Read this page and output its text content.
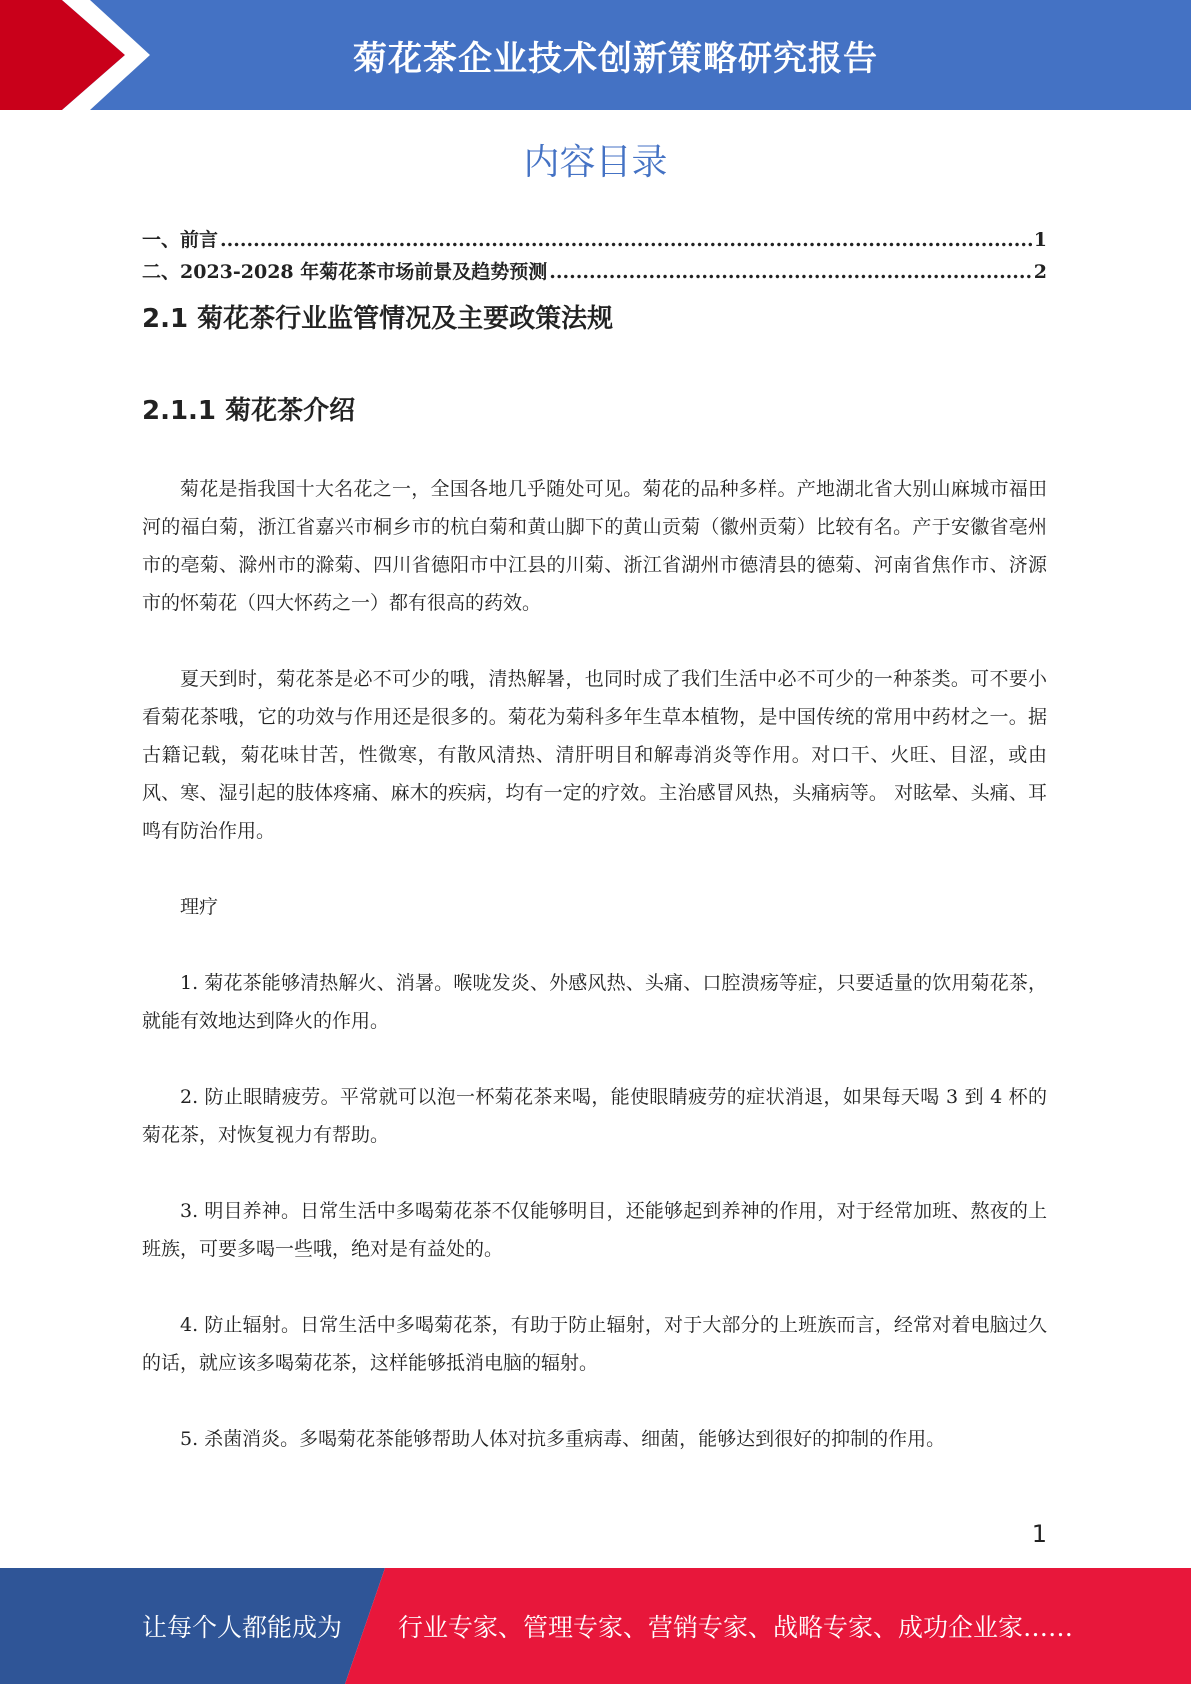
菊花茶企业技术创新策略研究报告
内容目录
一、前言 .....	1
二、2023-2028 年菊花茶市场前景及趋势预测 .....	2
2.1 菊花茶行业监管情况及主要政策法规
2.1.1 菊花茶介绍

菊花是指我国十大名花之一，全国各地几乎随处可见。菊花的品种多样。产地湖北省大别山麻城市福田河的福白菊，浙江省嘉兴市桐乡市的杭白菊和黄山脚下的黄山贡菊（徽州贡菊）比较有名。产于安徽省亳州市的亳菊、滁州市的滁菊、四川省德阳市中江县的川菊、浙江省湖州市德清县的德菊、河南省焦作市、济源市的怀菊花（四大怀药之一）都有很高的药效。

夏天到时，菊花茶是必不可少的哦，清热解暑，也同时成了我们生活中必不可少的一种茶类。可不要小看菊花茶哦，它的功效与作用还是很多的。菊花为菊科多年生草本植物，是中国传统的常用中药材之一。据古籍记载，菊花味甘苦，性微寒，有散风清热、清肝明目和解毒消炎等作用。对口干、火旺、目涩，或由风、寒、湿引起的肢体疼痛、麻木的疾病，均有一定的疗效。主治感冒风热，头痛病等。 对眩晕、头痛、耳鸣有防治作用。

理疗

1. 菊花茶能够清热解火、消暑。喉咙发炎、外感风热、头痛、口腔溃疡等症，只要适量的饮用菊花茶，就能有效地达到降火的作用。

2. 防止眼睛疲劳。平常就可以泡一杯菊花茶来喝，能使眼睛疲劳的症状消退，如果每天喝 3 到 4 杯的菊花茶，对恢复视力有帮助。

3. 明目养神。日常生活中多喝菊花茶不仅能够明目，还能够起到养神的作用，对于经常加班、熬夜的上班族，可要多喝一些哦，绝对是有益处的。

4. 防止辐射。日常生活中多喝菊花茶，有助于防止辐射，对于大部分的上班族而言，经常对着电脑过久的话，就应该多喝菊花茶，这样能够抵消电脑的辐射。

5. 杀菌消炎。多喝菊花茶能够帮助人体对抗多重病毒、细菌，能够达到很好的抑制的作用。

1
让每个人都能成为 行业专家、管理专家、营销专家、战略专家、成功企业家……
